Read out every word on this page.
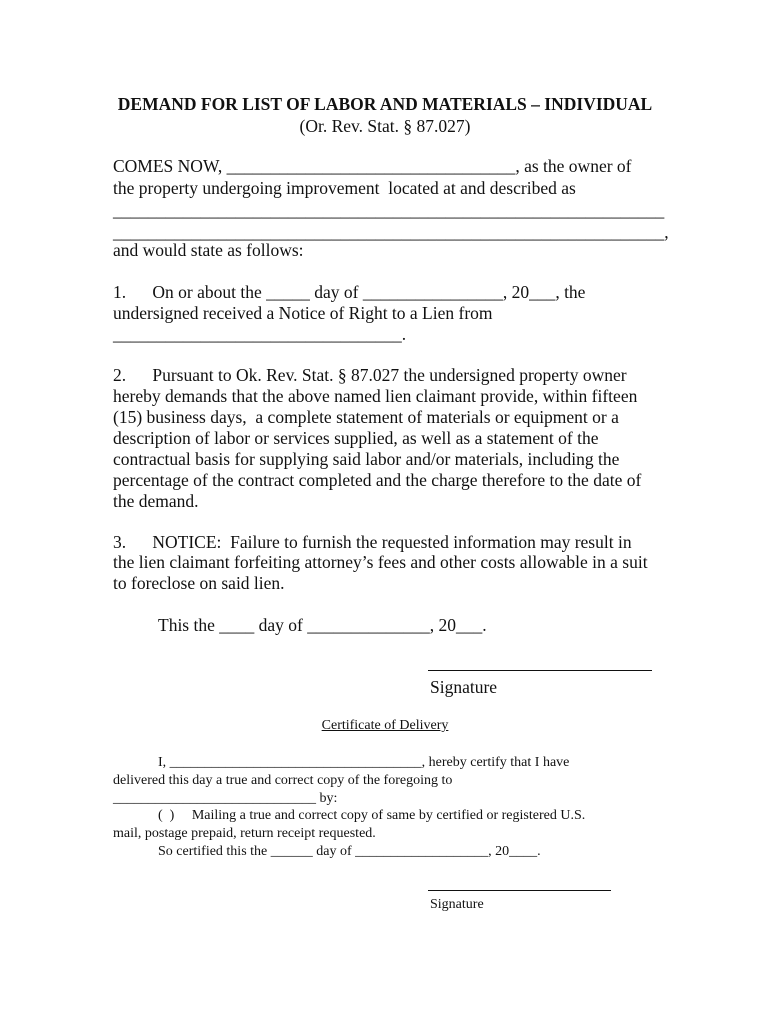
DEMAND FOR LIST OF LABOR AND MATERIALS – INDIVIDUAL
(Or. Rev. Stat. § 87.027)
COMES NOW, _________________________________, as the owner of
the property undergoing improvement  located at and described as
_______________________________________________________________
_______________________________________________________________,
and would state as follows:
1.      On or about the _____ day of ________________, 20___, the
undersigned received a Notice of Right to a Lien from
_________________________________.
2.      Pursuant to Ok. Rev. Stat. § 87.027 the undersigned property owner
hereby demands that the above named lien claimant provide, within fifteen
(15) business days,  a complete statement of materials or equipment or a
description of labor or services supplied, as well as a statement of the
contractual basis for supplying said labor and/or materials, including the
percentage of the contract completed and the charge therefore to the date of
the demand.
3.      NOTICE:  Failure to furnish the requested information may result in
the lien claimant forfeiting attorney’s fees and other costs allowable in a suit
to foreclose on said lien.
This the ____ day of ______________, 20___.
Signature
Certificate of Delivery
I, ____________________________________, hereby certify that I have
delivered this day a true and correct copy of the foregoing to
_____________________________ by:
(  )     Mailing a true and correct copy of same by certified or registered U.S.
mail, postage prepaid, return receipt requested.
So certified this the ______ day of ___________________, 20____.
Signature
